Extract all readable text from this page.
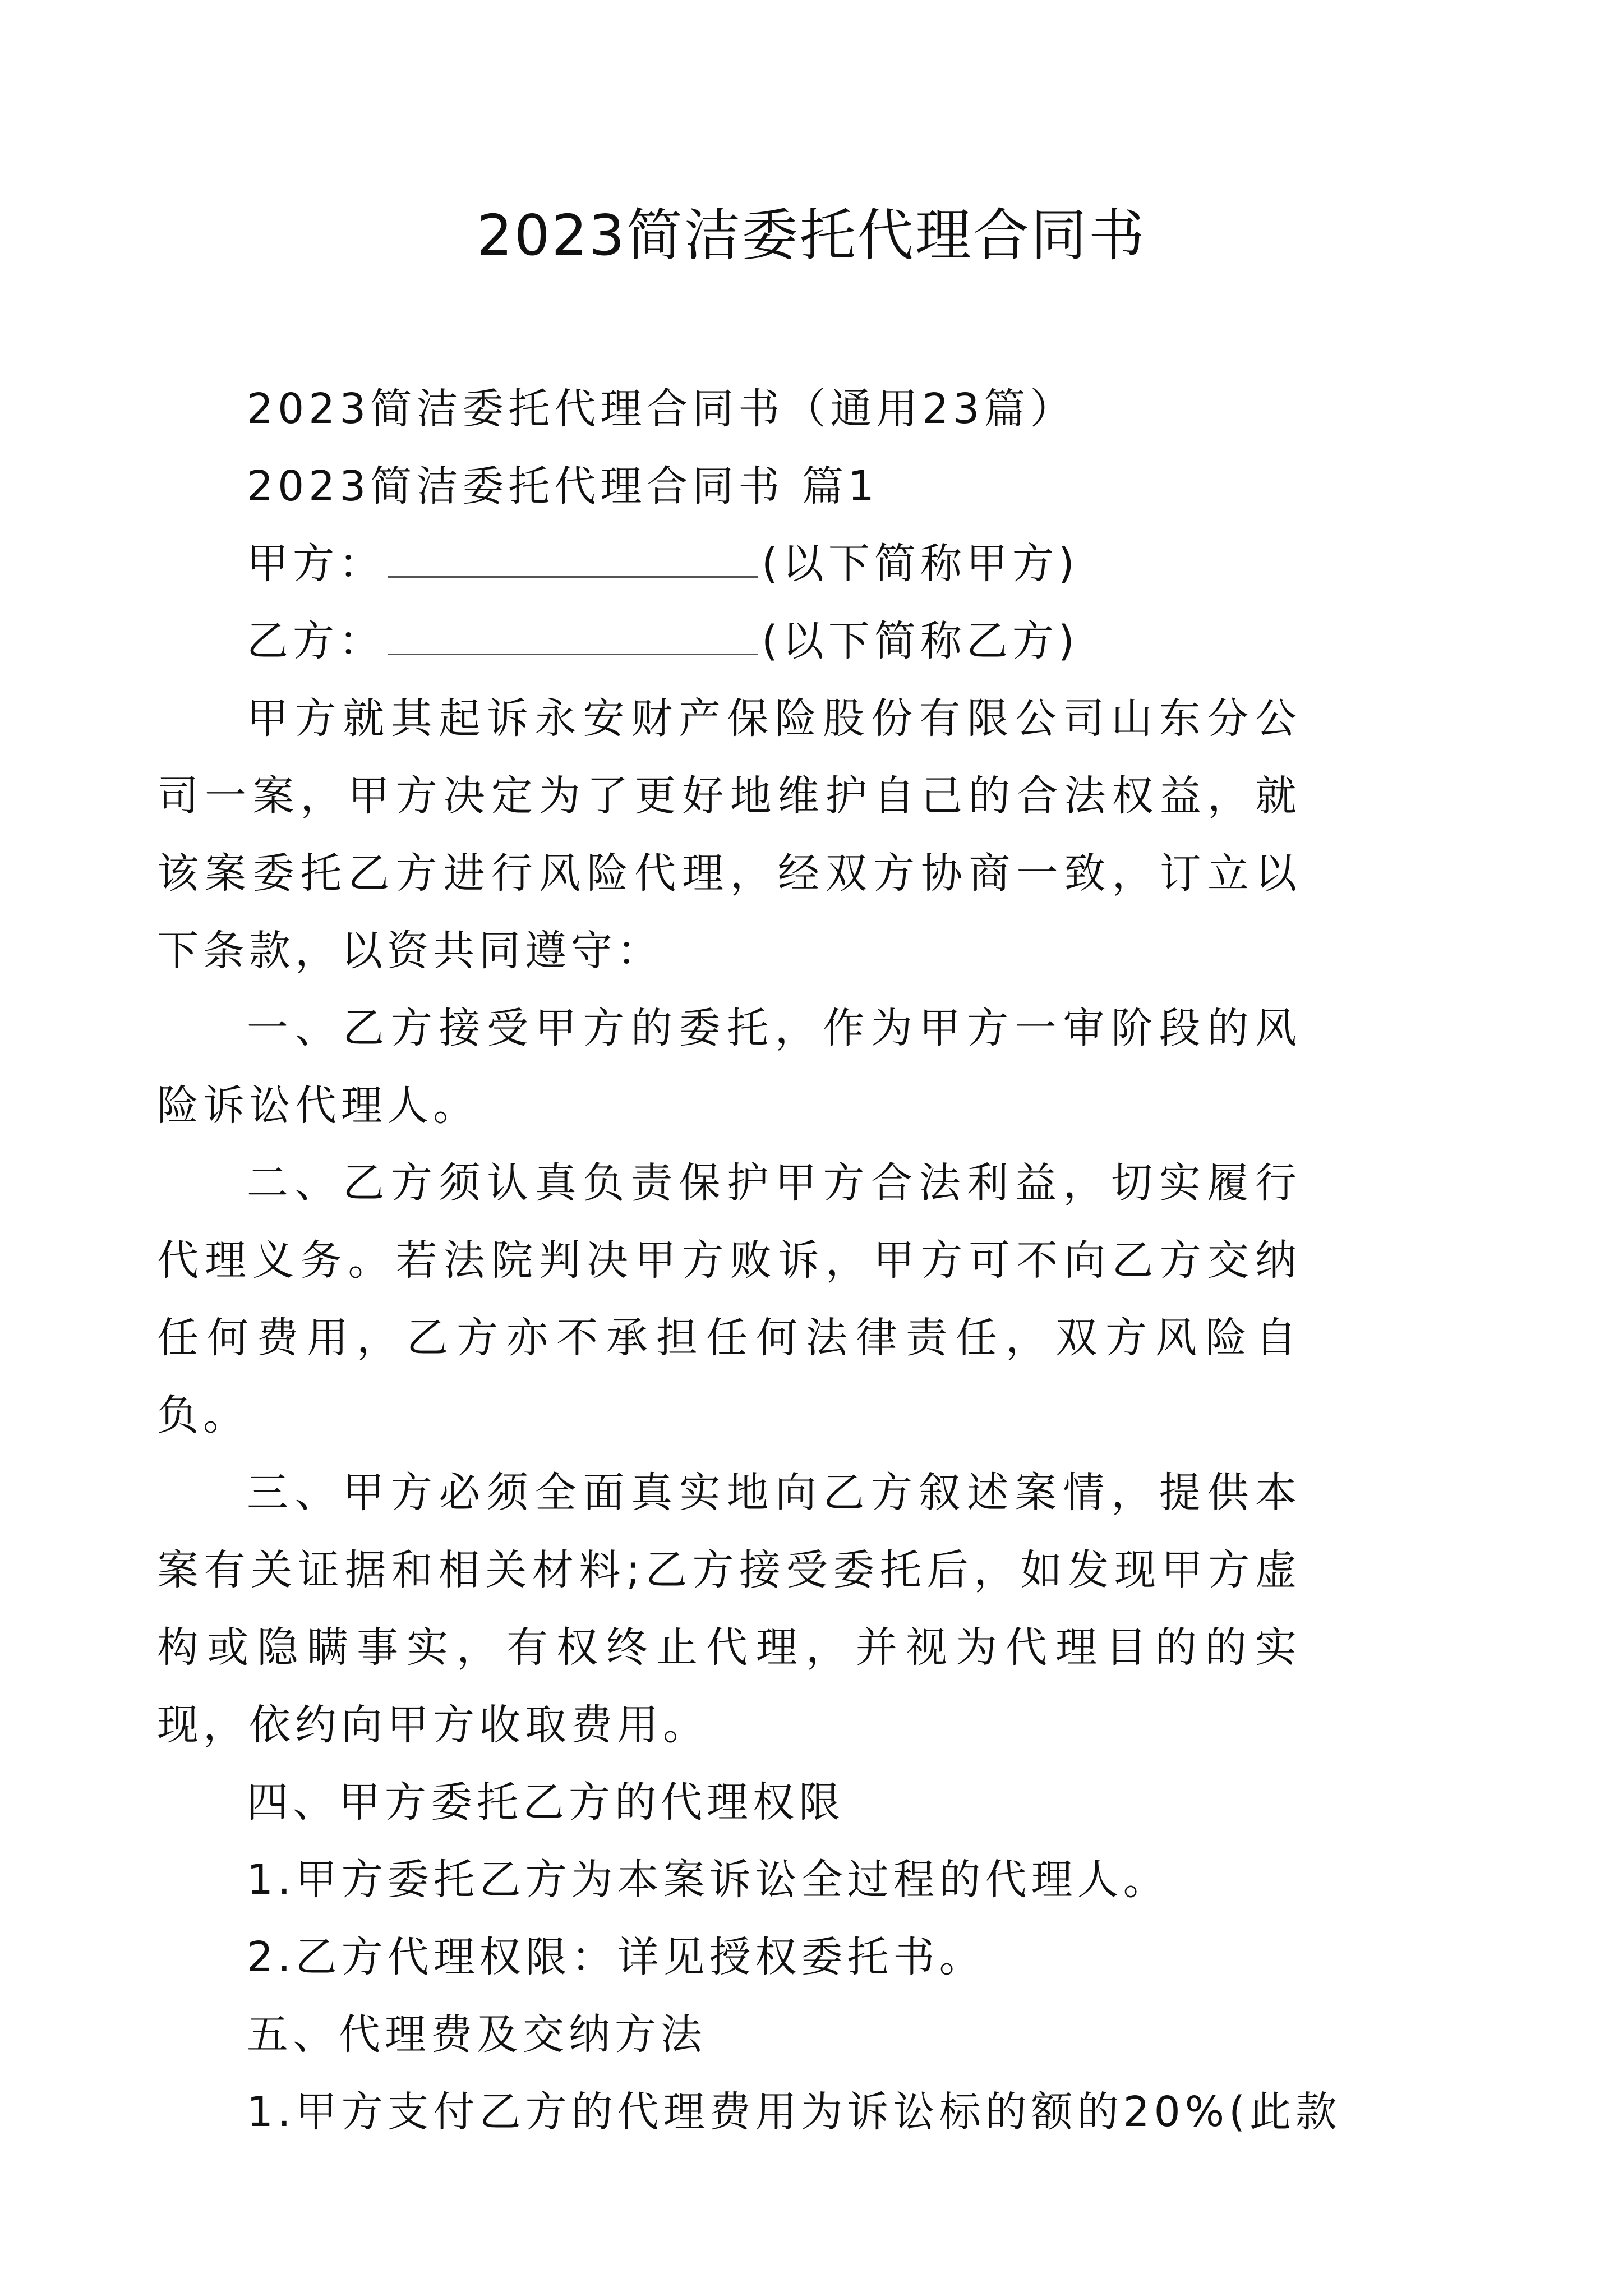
2023简洁委托代理合同书

2023简洁委托代理合同书（通用23篇）

2023简洁委托代理合同书 篇1

甲方：	(以下简称甲方)

乙方：	(以下简称乙方)

甲方就其起诉永安财产保险股份有限公司山东分公司一案，甲方决定为了更好地维护自己的合法权益，就该案委托乙方进行风险代理，经双方协商一致，订立以下条款，以资共同遵守：

一、乙方接受甲方的委托，作为甲方一审阶段的风险诉讼代理人。

二、乙方须认真负责保护甲方合法利益，切实履行代理义务。若法院判决甲方败诉，甲方可不向乙方交纳任何费用，乙方亦不承担任何法律责任，双方风险自负。

三、甲方必须全面真实地向乙方叙述案情，提供本案有关证据和相关材料;乙方接受委托后，如发现甲方虚构或隐瞒事实，有权终止代理，并视为代理目的的实现，依约向甲方收取费用。

四、甲方委托乙方的代理权限

1.甲方委托乙方为本案诉讼全过程的代理人。

2.乙方代理权限：详见授权委托书。

五、代理费及交纳方法

1.甲方支付乙方的代理费用为诉讼标的额的20%(此款
